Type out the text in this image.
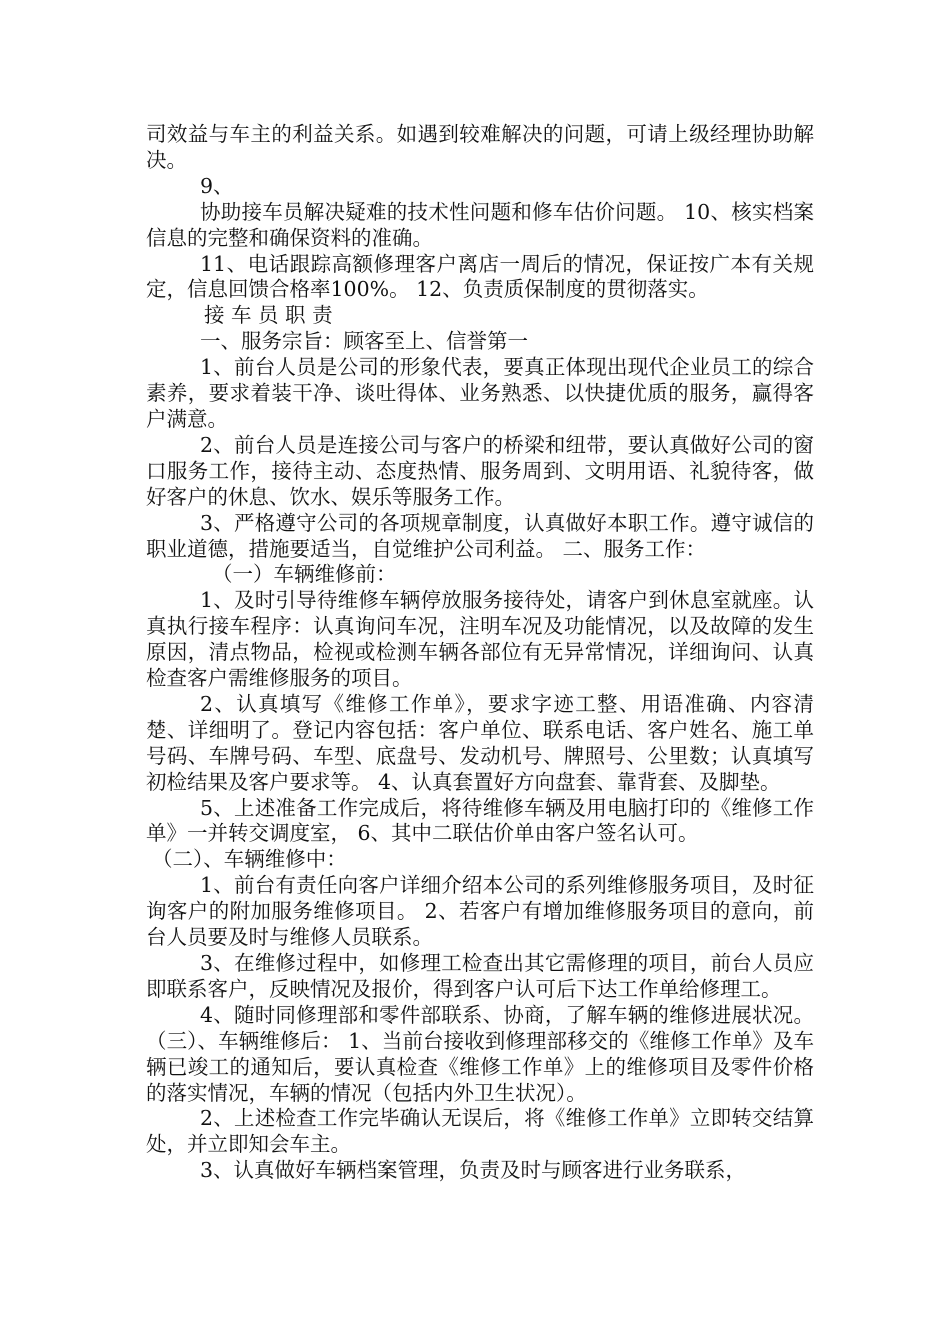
司效益与车主的利益关系。如遇到较难解决的问题，可请上级经理协助解决。

9、

协助接车员解决疑难的技术性问题和修车估价问题。 10、核实档案信息的完整和确保资料的准确。

11、电话跟踪高额修理客户离店一周后的情况，保证按广本有关规定，信息回馈合格率100%。 12、负责质保制度的贯彻落实。

接 车 员 职 责

一、服务宗旨：顾客至上、信誉第一

1、前台人员是公司的形象代表，要真正体现出现代企业员工的综合素养，要求着装干净、谈吐得体、业务熟悉、以快捷优质的服务，赢得客户满意。

2、前台人员是连接公司与客户的桥梁和纽带，要认真做好公司的窗口服务工作，接待主动、态度热情、服务周到、文明用语、礼貌待客，做好客户的休息、饮水、娱乐等服务工作。

3、严格遵守公司的各项规章制度，认真做好本职工作。遵守诚信的职业道德，措施要适当，自觉维护公司利益。 二、服务工作：

（一）车辆维修前：

1、及时引导待维修车辆停放服务接待处，请客户到休息室就座。认真执行接车程序：认真询问车况，注明车况及功能情况，以及故障的发生原因，清点物品，检视或检测车辆各部位有无异常情况，详细询问、认真检查客户需维修服务的项目。

2、认真填写《维修工作单》，要求字迹工整、用语准确、内容清楚、详细明了。登记内容包括：客户单位、联系电话、客户姓名、施工单号码、车牌号码、车型、底盘号、发动机号、牌照号、公里数；认真填写初检结果及客户要求等。 4、认真套置好方向盘套、靠背套、及脚垫。

5、上述准备工作完成后，将待维修车辆及用电脑打印的《维修工作单》一并转交调度室， 6、其中二联估价单由客户签名认可。

（二）、车辆维修中：

1、前台有责任向客户详细介绍本公司的系列维修服务项目，及时征询客户的附加服务维修项目。 2、若客户有增加维修服务项目的意向，前台人员要及时与维修人员联系。

3、在维修过程中，如修理工检查出其它需修理的项目，前台人员应即联系客户，反映情况及报价，得到客户认可后下达工作单给修理工。

4、随时同修理部和零件部联系、协商，了解车辆的维修进展状况。 （三）、车辆维修后： 1、当前台接收到修理部移交的《维修工作单》及车辆已竣工的通知后，要认真检查《维修工作单》上的维修项目及零件价格的落实情况，车辆的情况（包括内外卫生状况）。

2、上述检查工作完毕确认无误后，将《维修工作单》立即转交结算处，并立即知会车主。

3、认真做好车辆档案管理，负责及时与顾客进行业务联系，
